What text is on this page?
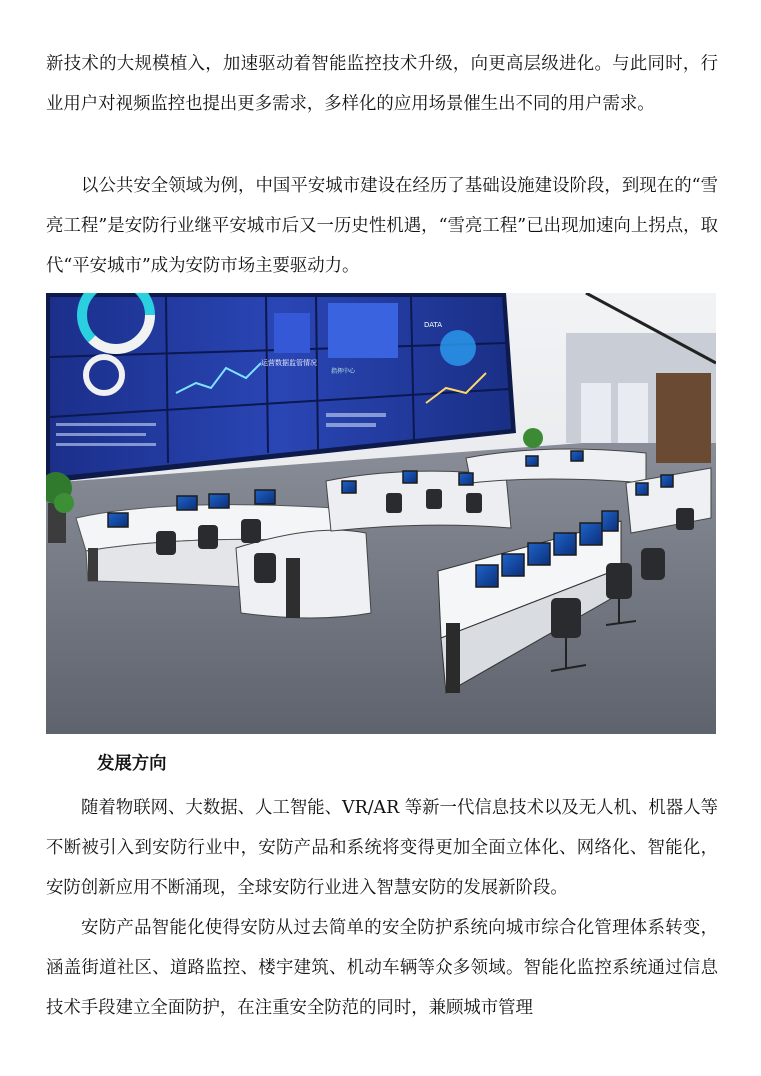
新技术的大规模植入，加速驱动着智能监控技术升级，向更高层级进化。与此同时，行业用户对视频监控也提出更多需求，多样化的应用场景催生出不同的用户需求。

以公共安全领域为例，中国平安城市建设在经历了基础设施建设阶段，到现在的“雪亮工程”是安防行业继平安城市后又一历史性机遇，“雪亮工程”已出现加速向上拐点，取代“平安城市”成为安防市场主要驱动力。

运营数据监管情况
指挥中心
DATA

发展方向

随着物联网、大数据、人工智能、VR/AR 等新一代信息技术以及无人机、机器人等不断被引入到安防行业中，安防产品和系统将变得更加全面立体化、网络化、智能化，安防创新应用不断涌现，全球安防行业进入智慧安防的发展新阶段。

安防产品智能化使得安防从过去简单的安全防护系统向城市综合化管理体系转变，涵盖街道社区、道路监控、楼宇建筑、机动车辆等众多领域。智能化监控系统通过信息技术手段建立全面防护，在注重安全防范的同时，兼顾城市管理
